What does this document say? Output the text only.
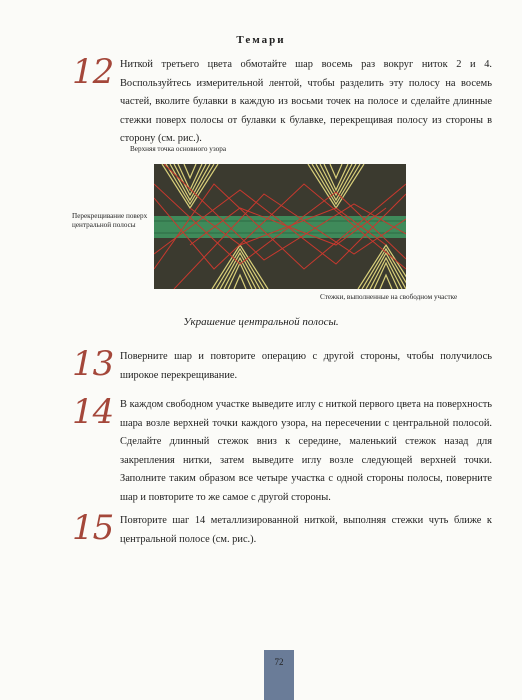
Темари
12 Ниткой третьего цвета обмотайте шар восемь раз вокруг ниток 2 и 4. Воспользуйтесь измерительной лентой, чтобы разделить эту полосу на восемь частей, вколите булавки в каждую из восьми точек на полосе и сделайте длинные стежки поверх полосы от булавки к булавке, перекрещивая полосу из стороны в сторону (см. рис.).
Верхняя точка основного узора
Перекрещивание поверх центральной полосы
Стежки, выполненные на свободном участке
Украшение центральной полосы.
13 Поверните шар и повторите операцию с другой стороны, чтобы получилось широкое перекрещивание.
14 В каждом свободном участке выведите иглу с ниткой первого цвета на поверхность шара возле верхней точки каждого узора, на пересечении с центральной полосой. Сделайте длинный стежок вниз к середине, маленький стежок назад для закрепления нитки, затем выведите иглу возле следующей верхней точки. Заполните таким образом все четыре участка с одной стороны полосы, поверните шар и повторите то же самое с другой стороны.
15 Повторите шаг 14 металлизированной ниткой, выполняя стежки чуть ближе к центральной полосе (см. рис.).
72
